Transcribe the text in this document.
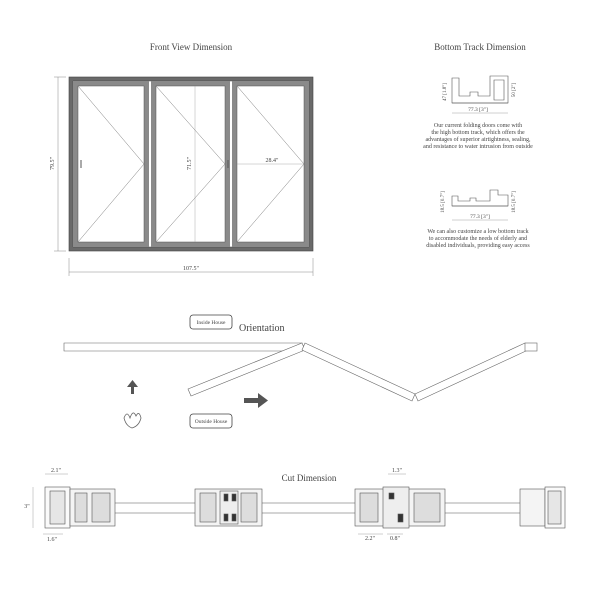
Front View Dimension
71.5"	28.4"
79.5"
107.5"
Bottom Track Dimension
77.3 [3"]
47 [1.8"]	50 [2"]
Our current folding doors come with
the high bottom track, which offers the
advantages of superior airtightness, sealing,
and resistance to water intrusion from outside
77.3 [3"]
18.5 [0.7"]	18.5 [0.7"]
We can also customize a low bottom track
to accommodate the needs of elderly and
disabled individuals, providing easy access
Inside House Orientation
Outside House
Cut Dimension
2.1"
3"
1.6"
1.3"
2.2"	0.8"
